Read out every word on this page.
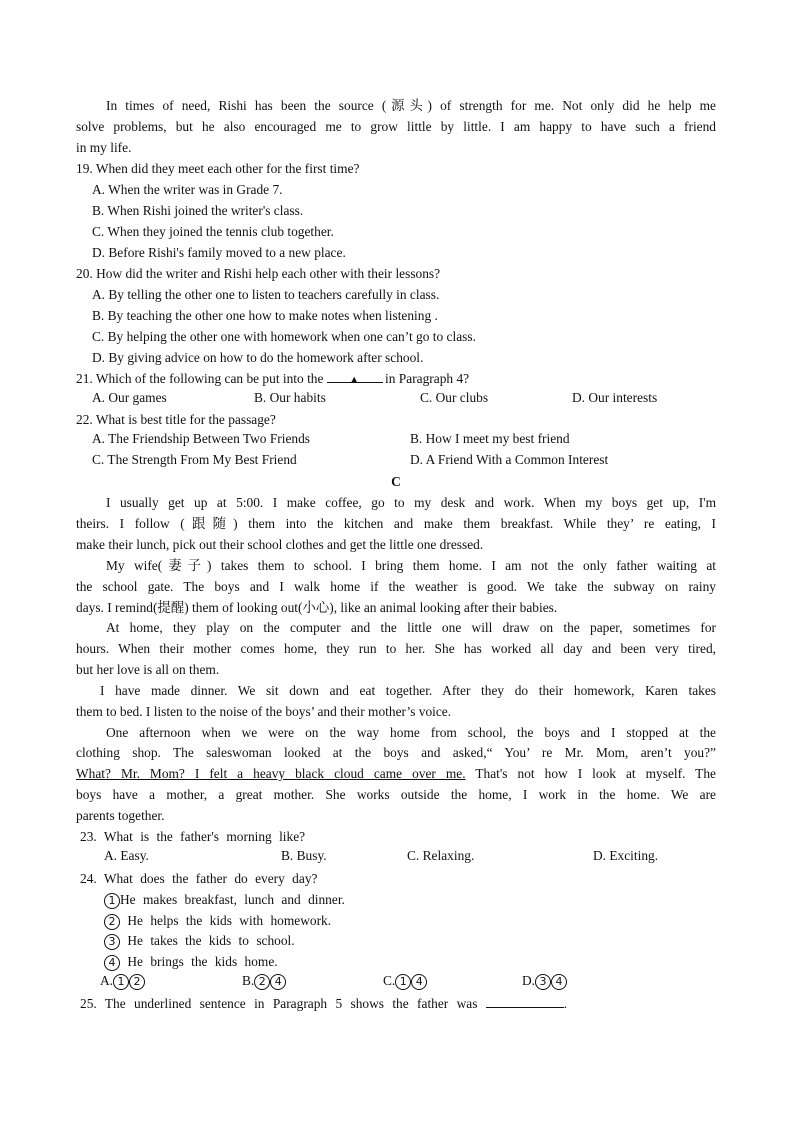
In times of need, Rishi has been the source (源头) of strength for me. Not only did he help me
solve problems, but he also encouraged me to grow little by little. I am happy to have such a friend
in my life.
19. When did they meet each other for the first time?
A. When the writer was in Grade 7.
B. When Rishi joined the writer's class.
C. When they joined the tennis club together.
D. Before Rishi's family moved to a new place.
20. How did the writer and Rishi help each other with their lessons?
A. By telling the other one to listen to teachers carefully in class.
B. By teaching the other one how to make notes when listening .
C. By helping the other one with homework when one can’t go to class.
D. By giving advice on how to do the homework after school.
21. Which of the following can be put into the ▲ in Paragraph 4?
A. Our games	B. Our habits	C. Our clubs	D. Our interests
22. What is best title for the passage?
A. The Friendship Between Two Friends	B. How I meet my best friend
C. The Strength From My Best Friend	D. A Friend With a Common Interest
C
I usually get up at 5:00. I make coffee, go to my desk and work. When my boys get up, I'm
theirs. I follow (跟随) them into the kitchen and make them breakfast. While they’ re eating, I
make their lunch, pick out their school clothes and get the little one dressed.
My wife(妻子) takes them to school. I bring them home. I am not the only father waiting at
the school gate. The boys and I walk home if the weather is good. We take the subway on rainy
days. I remind(提醒) them of looking out(小心), like an animal looking after their babies.
At home, they play on the computer and the little one will draw on the paper, sometimes for
hours. When their mother comes home, they run to her. She has worked all day and been very tired,
but her love is all on them.
I have made dinner. We sit down and eat together. After they do their homework, Karen takes
them to bed. I listen to the noise of the boys’ and their mother’s voice.
One afternoon when we were on the way home from school, the boys and I stopped at the
clothing shop. The saleswoman looked at the boys and asked,“ You’ re Mr. Mom, aren’t you?”
What? Mr. Mom? I felt a heavy black cloud came over me. That's not how I look at myself. The
boys have a mother, a great mother. She works outside the home, I work in the home. We are
parents together.
23. What is the father's morning like?
A. Easy.	B. Busy.	C. Relaxing.	D. Exciting.
24. What does the father do every day?
1 He makes breakfast, lunch and dinner.
2 He helps the kids with homework.
3 He takes the kids to school.
4 He brings the kids home.
A. 1 2	B. 2 4	C. 1 4	D. 3 4
25. The underlined sentence in Paragraph 5 shows the father was	.
